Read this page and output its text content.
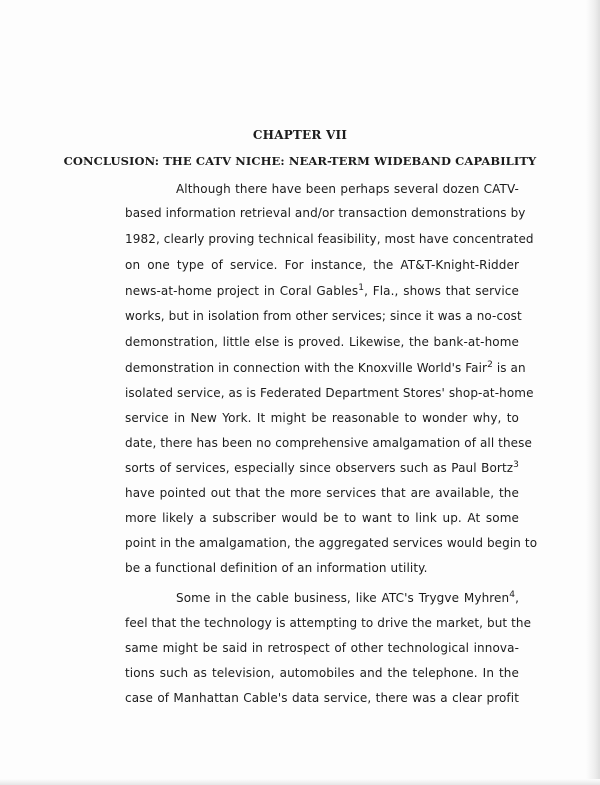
CHAPTER VII
CONCLUSION: THE CATV NICHE: NEAR-TERM WIDEBAND CAPABILITY
Although there have been perhaps several dozen CATV-
based information retrieval and/or transaction demonstrations by
1982, clearly proving technical feasibility, most have concentrated
on one type of service. For instance, the AT&T-Knight-Ridder
news-at-home project in Coral Gables$^1$, Fla., shows that service
works, but in isolation from other services; since it was a no-cost
demonstration, little else is proved. Likewise, the bank-at-home
demonstration in connection with the Knoxville World's Fair$^2$ is an
isolated service, as is Federated Department Stores' shop-at-home
service in New York. It might be reasonable to wonder why, to
date, there has been no comprehensive amalgamation of all these
sorts of services, especially since observers such as Paul Bortz$^3$
have pointed out that the more services that are available, the
more likely a subscriber would be to want to link up. At some
point in the amalgamation, the aggregated services would begin to
be a functional definition of an information utility.
Some in the cable business, like ATC's Trygve Myhren$^4$,
feel that the technology is attempting to drive the market, but the
same might be said in retrospect of other technological innova-
tions such as television, automobiles and the telephone. In the
case of Manhattan Cable's data service, there was a clear profit
